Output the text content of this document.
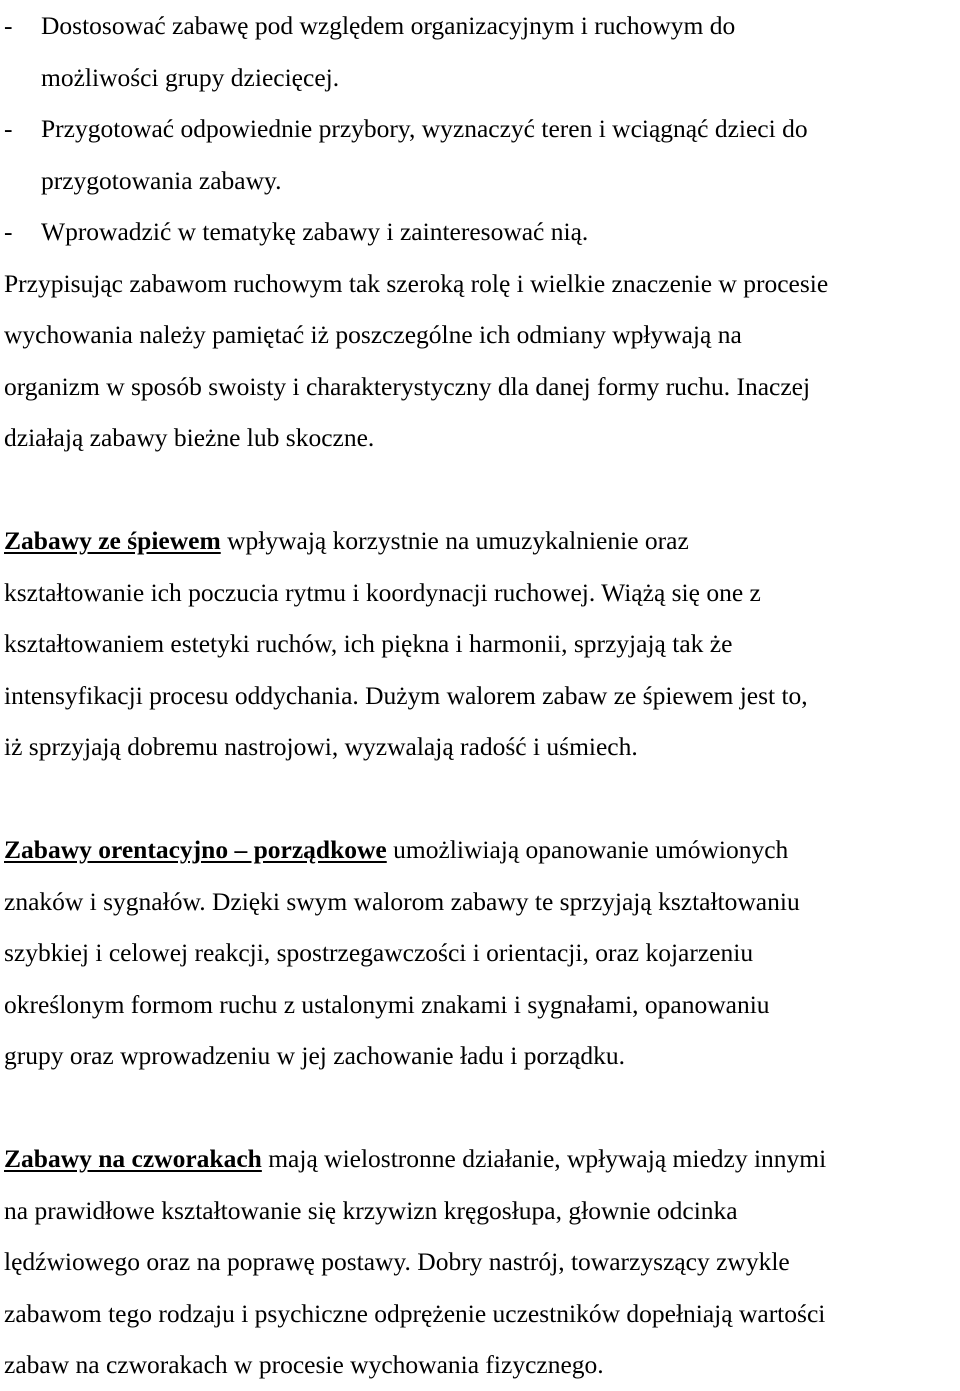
- Dostosować zabawę pod względem organizacyjnym i ruchowym do
możliwości grupy dziecięcej.
- Przygotować odpowiednie przybory, wyznaczyć teren i wciągnąć dzieci do
przygotowania zabawy.
- Wprowadzić w tematykę zabawy i zainteresować nią.

Przypisując zabawom ruchowym tak szeroką rolę i wielkie znaczenie w procesie
wychowania należy pamiętać iż poszczególne ich odmiany wpływają na
organizm w sposób swoisty i charakterystyczny dla danej formy ruchu. Inaczej
działają zabawy bieżne lub skoczne.

Zabawy ze śpiewem wpływają korzystnie na umuzykalnienie oraz
kształtowanie ich poczucia rytmu i koordynacji ruchowej. Wiążą się one z
kształtowaniem estetyki ruchów, ich piękna i harmonii, sprzyjają tak że
intensyfikacji procesu oddychania. Dużym walorem zabaw ze śpiewem jest to,
iż sprzyjają dobremu nastrojowi, wyzwalają radość i uśmiech.

Zabawy orentacyjno – porządkowe umożliwiają opanowanie umówionych
znaków i sygnałów. Dzięki swym walorom zabawy te sprzyjają kształtowaniu
szybkiej i celowej reakcji, spostrzegawczości i orientacji, oraz kojarzeniu
określonym formom ruchu z ustalonymi znakami i sygnałami, opanowaniu
grupy oraz wprowadzeniu w jej zachowanie ładu i porządku.

Zabawy na czworakach mają wielostronne działanie, wpływają miedzy innymi
na prawidłowe kształtowanie się krzywizn kręgosłupa, głownie odcinka
lędźwiowego oraz na poprawę postawy. Dobry nastrój, towarzyszący zwykle
zabawom tego rodzaju i psychiczne odprężenie uczestników dopełniają wartości
zabaw na czworakach w procesie wychowania fizycznego.
